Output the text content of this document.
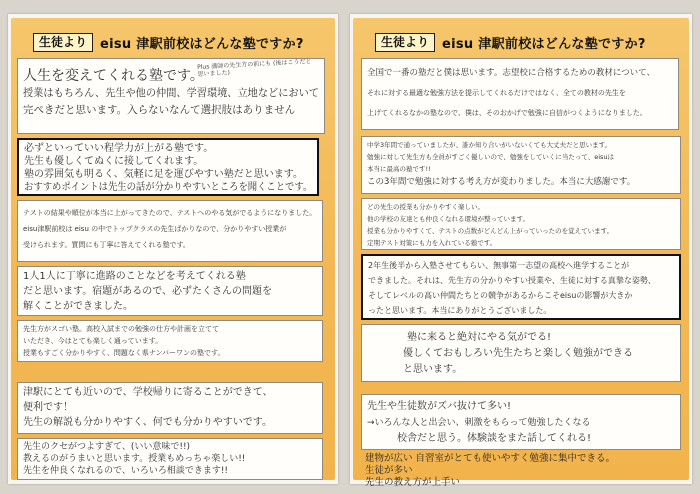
生徒より	eisu 津駅前校はどんな塾ですか?
人生を変えてくれる塾です。
授業はもちろん、先生や他の仲間、学習環境、立地などにおいて
完ぺきだと思います。入らないなんて選択肢はありません
Plus 講師の先生方の前にも (後はこうだと思いました)
必ずといっていい程学力が上がる塾です。
先生も優しくてぬくに接してくれます。
塾の雰囲気も明るく、気軽に足を運びやすい塾だと思います。
おすすめポイントは先生の話が分かりやすいところを聞くことです。
テストの結果や順位が本当に上がってきたので、テストへのやる気がでるようになりました。
eisu津駅前校は eisu の中でトップクラスの先生ばかりなので、分かりやすい授業が
受けられます。質問にも丁寧に答えてくれる塾です。
1人1人に丁寧に進路のことなどを考えてくれる塾
だと思います。宿題があるので、必ずたくさんの問題を
解くことができました。
先生方がスゴい塾。高校入試までの勉強の仕方や計画を立てて
いただき、今はとても楽しく通っています。
授業もすごく分かりやすく、問題なく県ナンバーワンの塾です。
津駅にとても近いので、学校帰りに寄ることができて、
便利です！
先生の解説も分かりやすく、何でも分かりやすいです。
先生のクセがつよすぎて、(いい意味で!!)
教えるのがうまいと思います。授業もめっちゃ楽しい!!
先生を仲良くなれるので、いろいろ相談できます!!
生徒より	eisu 津駅前校はどんな塾ですか?
全国で一番の塾だと僕は思います。志望校に合格するための教材について、
それに対する最適な勉強方法を提示してくれるだけではなく、全ての教材の先生を
上げてくれるなかの塾なので、僕は、そのおかげで勉強に自信がつくようになりました。
中学3年間で通っていましたが、誰か知り合いがいないくても大丈夫だと思います。
勉強に対して先生方も全員がすごく優しいので、勉強をしていくに当たって、eisuは
本当に最高の塾です!!
この3年間で勉強に対する考え方が変わりました。本当に大感謝です。
どの先生の授業も分かりやすく楽しい。
他の学校の友達とも仲良くなれる環境が整っています。
授業も分かりやすくて、テストの点数がどんどん上がっていったのを覚えています。
定期テスト対策にも力を入れている塾です。
2年生後半から入塾させてもらい、無事第一志望の高校へ進学することが
できました。それは、先生方の分かりやすい授業や、生徒に対する真摯な姿勢、
そしてレベルの高い仲間たちとの競争があるからこそeisuの影響が大きか
ったと思います。本当にありがとうございました。
塾に来ると絶対にやる気がでる!
優しくておもしろい先生たちと楽しく勉強ができる
と思います。
先生や生徒数がズバ抜けて多い!
→いろんな人と出会い、刺激をもらって勉強したくなる
校舎だと思う。体験談をまた話してくれる!
建物が広い 自習室がとても使いやすく勉強に集中できる。
生徒が多い
先生の教え方が上手い
